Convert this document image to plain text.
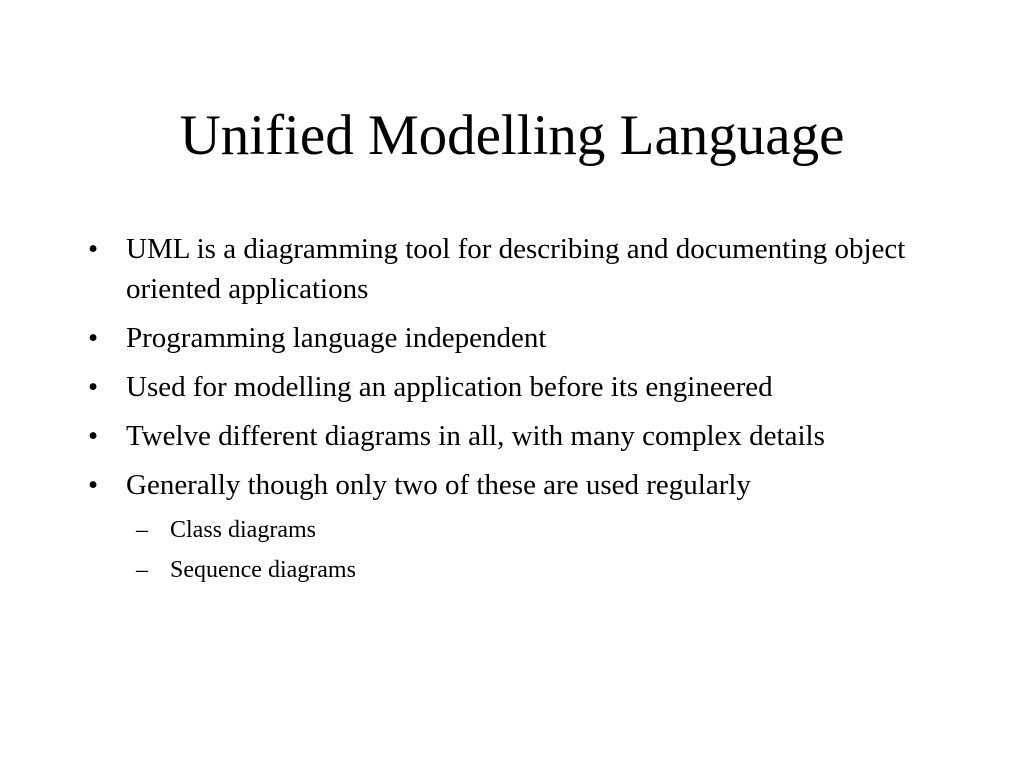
Unified Modelling Language
• UML is a diagramming tool for describing and documenting object oriented applications
• Programming language independent
• Used for modelling an application before its engineered
• Twelve different diagrams in all, with many complex details
• Generally though only two of these are used regularly
– Class diagrams
– Sequence diagrams
